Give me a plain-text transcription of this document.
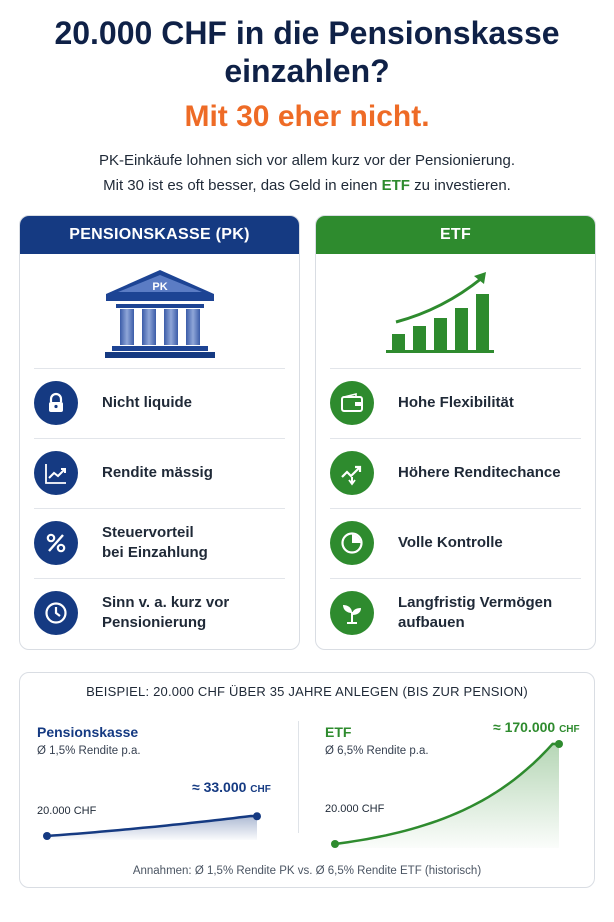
20.000 CHF in die Pensionskasse
einzahlen?
Mit 30 eher nicht.
PK-Einkäufe lohnen sich vor allem kurz vor der Pensionierung.
Mit 30 ist es oft besser, das Geld in einen ETF zu investieren.
PENSIONSKASSE (PK)
PK
Nicht liquide
Rendite mässig
Steuervorteil
bei Einzahlung
Sinn v. a. kurz vor
Pensionierung
ETF
Hohe Flexibilität
Höhere Renditechance
Volle Kontrolle
Langfristig Vermögen
aufbauen
BEISPIEL: 20.000 CHF ÜBER 35 JAHRE ANLEGEN (BIS ZUR PENSION)
Pensionskasse
Ø 1,5% Rendite p.a.
20.000 CHF
≈ 33.000 CHF
ETF
Ø 6,5% Rendite p.a.
20.000 CHF
≈ 170.000 CHF
Annahmen: Ø 1,5% Rendite PK vs. Ø 6,5% Rendite ETF (historisch)
